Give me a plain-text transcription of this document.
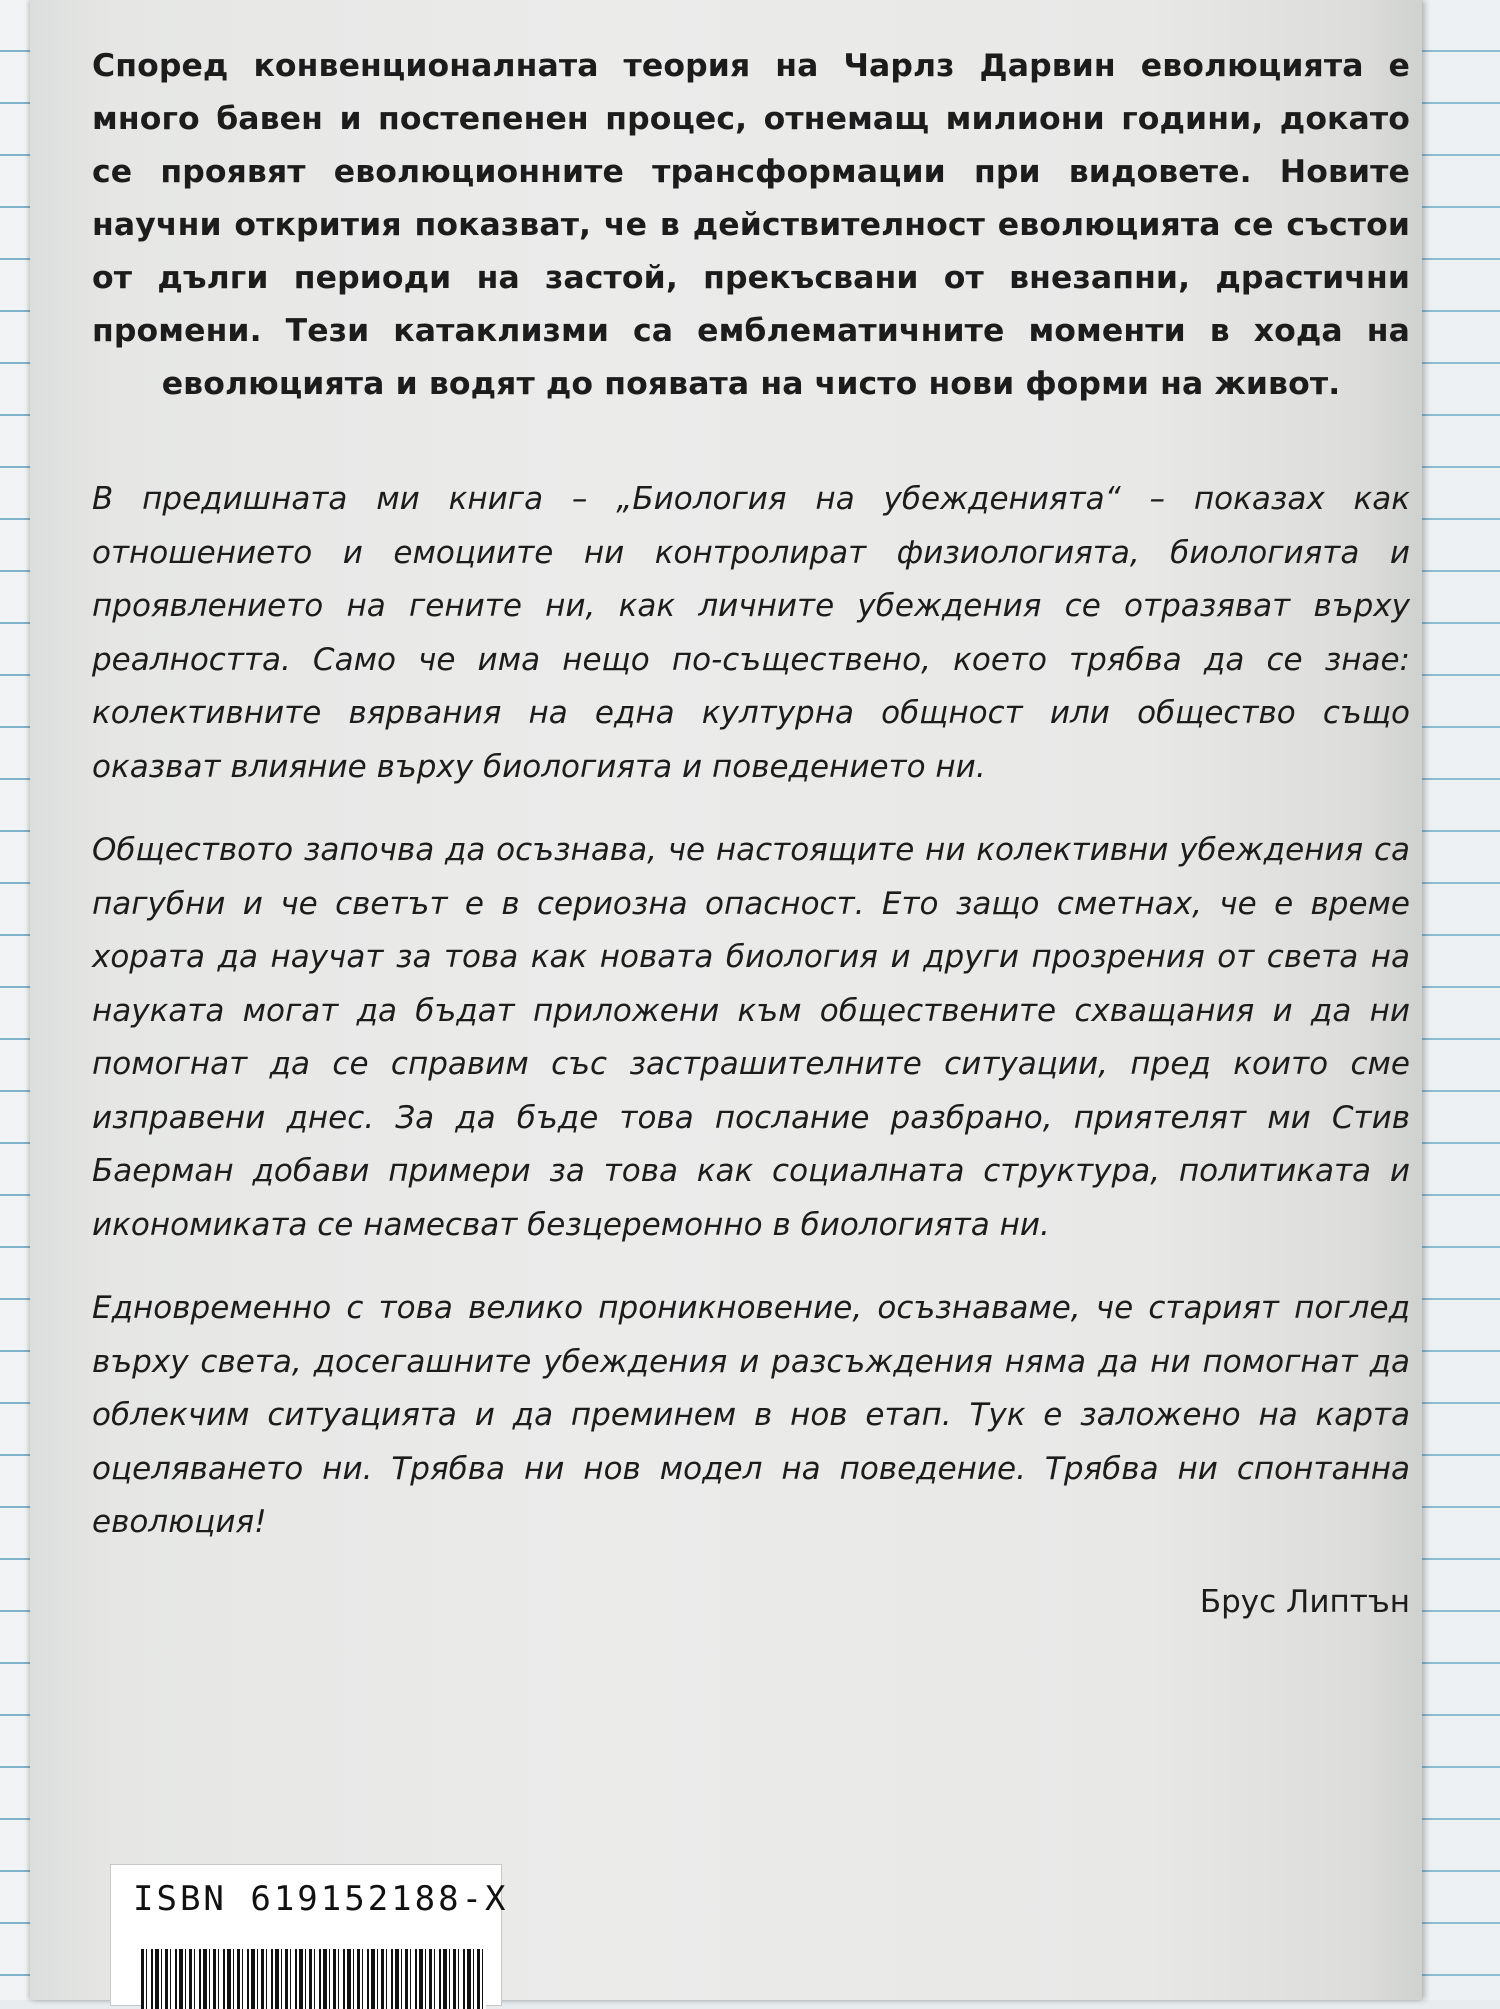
Според конвенционалната теория на Чарлз Дарвин еволюцията е много бавен и постепенен процес, отнемащ милиони години, докато се проявят еволюционните трансформации при видовете. Новите научни открития показват, че в действителност еволюцията се състои от дълги периоди на застой, прекъсвани от внезапни, драстични промени. Тези катаклизми са емблематичните моменти в хода на еволюцията и водят до появата на чисто нови форми на живот.

В предишната ми книга – „Биология на убежденията“ – показах как отношението и емоциите ни контролират физиологията, биологията и проявлението на гените ни, как личните убеждения се отразяват върху реалността. Само че има нещо по-съществено, което трябва да се знае: колективните вярвания на една културна общност или общество също оказват влияние върху биологията и поведението ни.

Обществото започва да осъзнава, че настоящите ни колективни убеждения са пагубни и че светът е в сериозна опасност. Ето защо сметнах, че е време хората да научат за това как новата биология и други прозрения от света на науката могат да бъдат приложени към обществените схващания и да ни помогнат да се справим със застрашителните ситуации, пред които сме изправени днес. За да бъде това послание разбрано, приятелят ми Стив Баерман добави примери за това как социалната структура, политиката и икономиката се намесват безцеремонно в биологията ни.

Едновременно с това велико проникновение, осъзнаваме, че старият поглед върху света, досегашните убеждения и разсъждения няма да ни помогнат да облекчим ситуацията и да преминем в нов етап. Тук е заложено на карта оцеляването ни. Трябва ни нов модел на поведение. Трябва ни спонтанна еволюция!

Брус Липтън
ISBN 619152188-X
